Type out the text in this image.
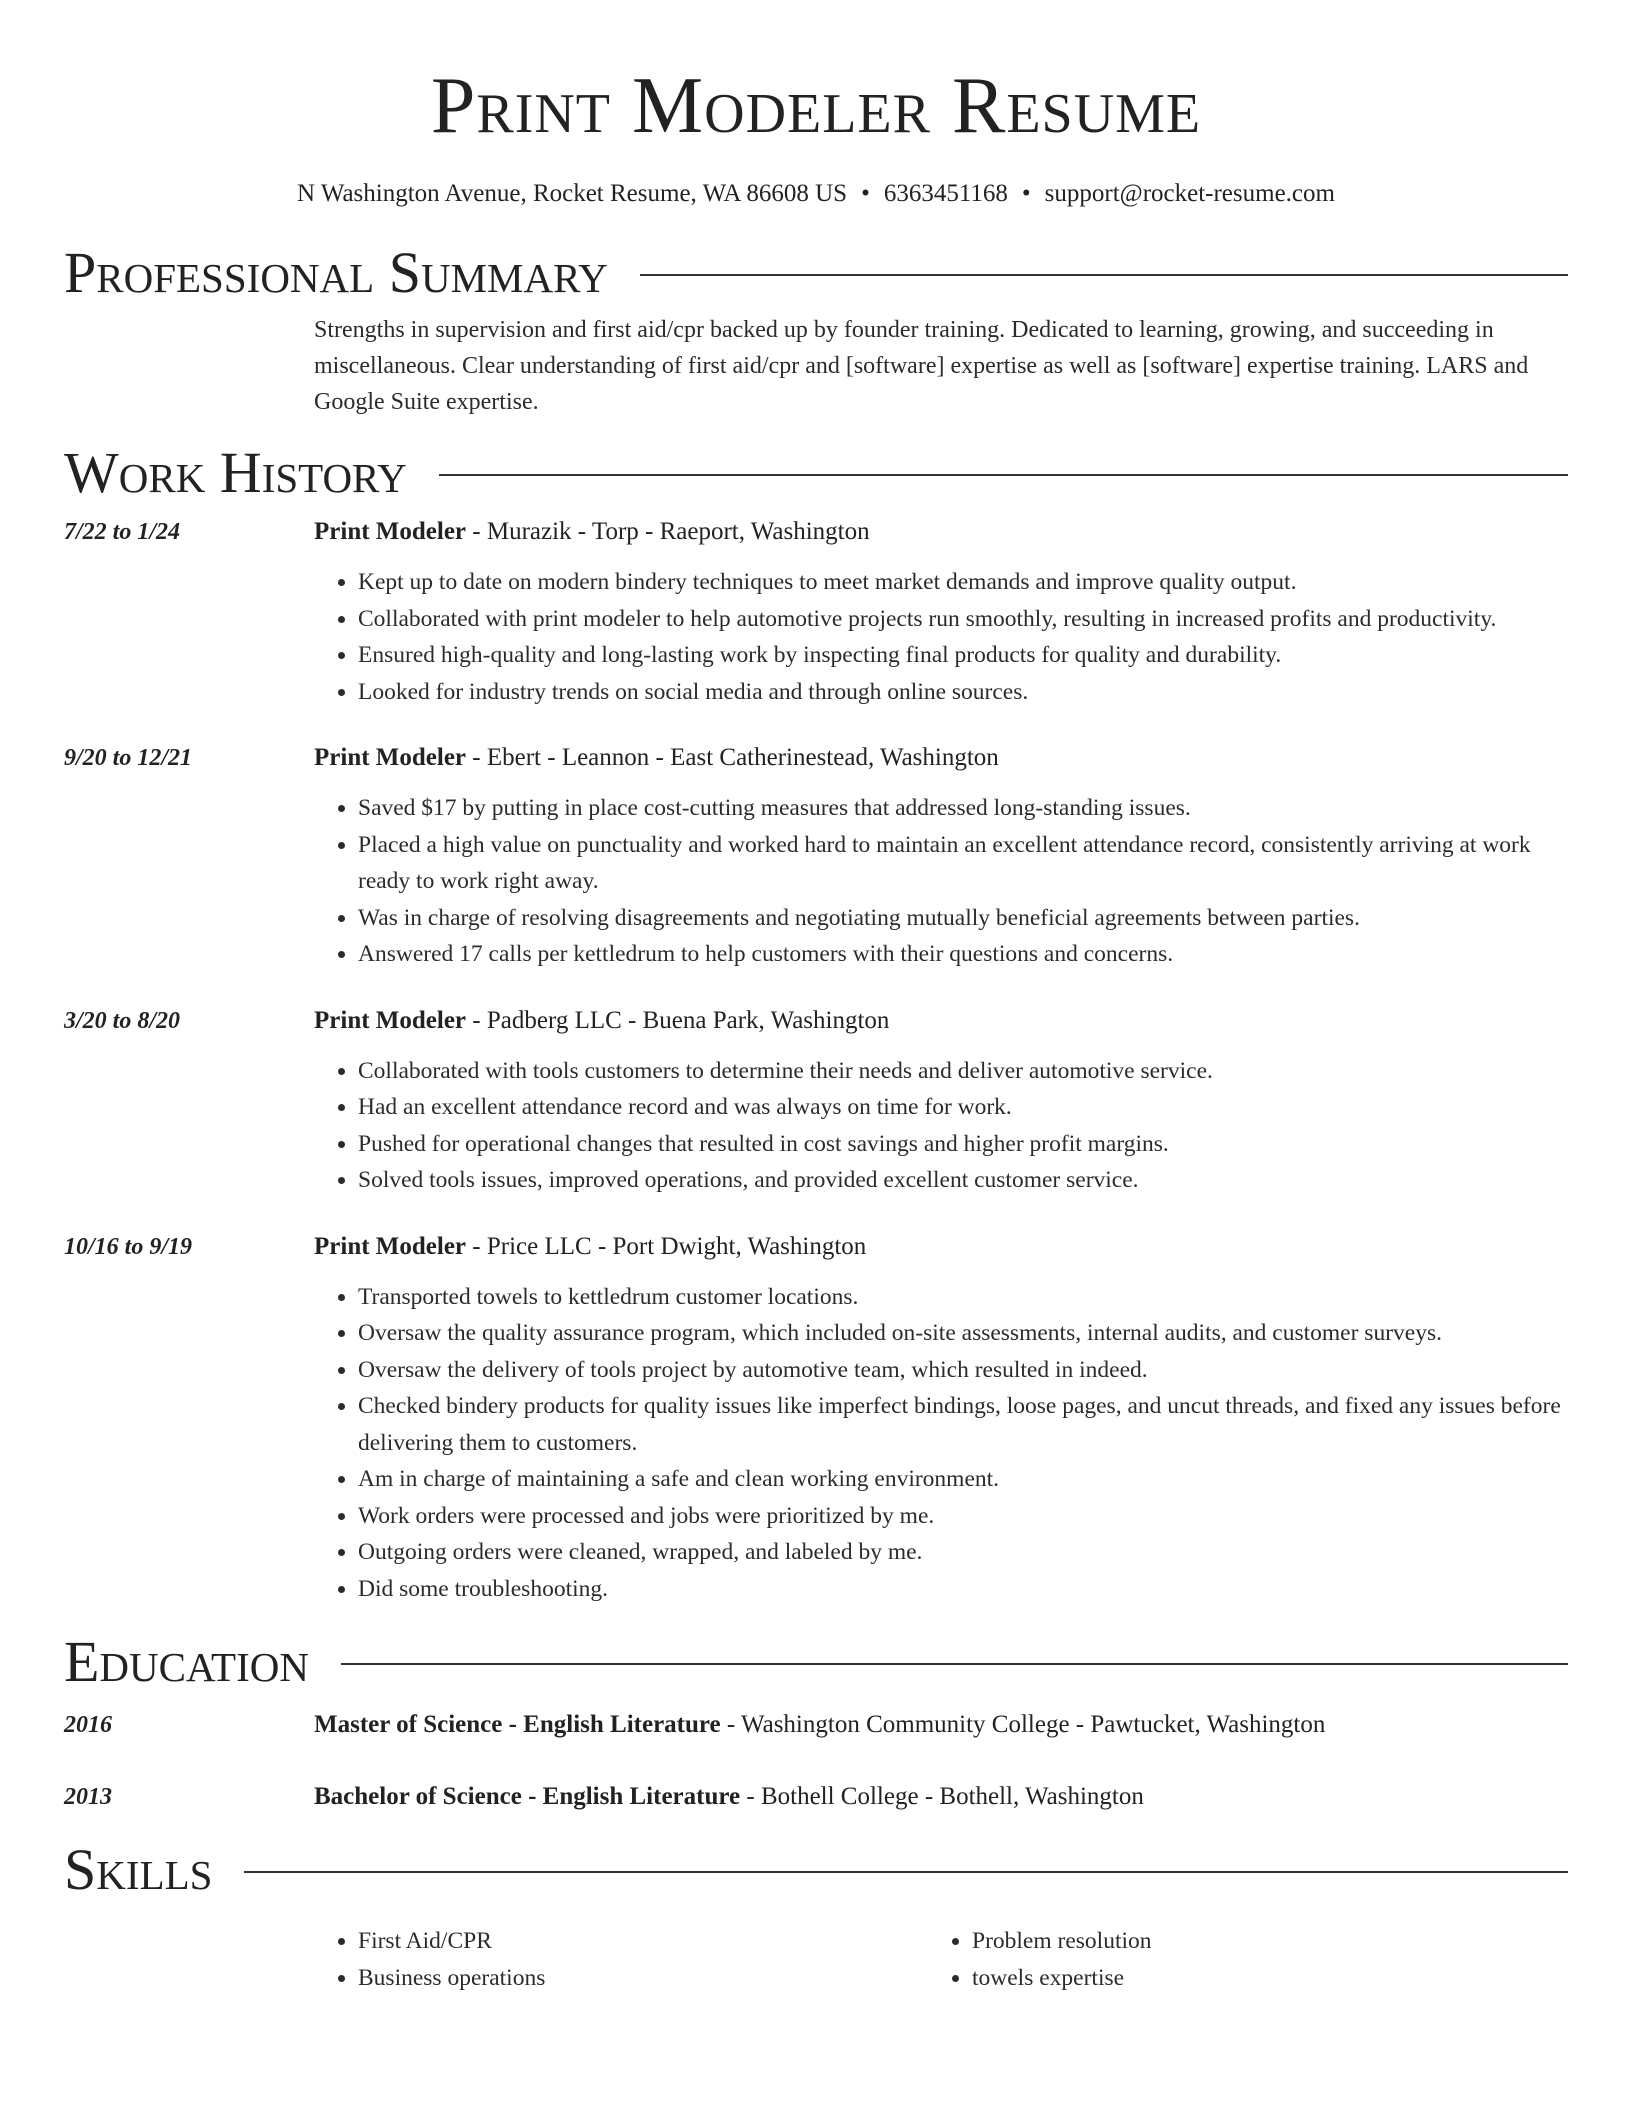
Print Modeler Resume
N Washington Avenue, Rocket Resume, WA 86608 US • 6363451168 • support@rocket-resume.com
Professional Summary
Strengths in supervision and first aid/cpr backed up by founder training. Dedicated to learning, growing, and succeeding in miscellaneous. Clear understanding of first aid/cpr and [software] expertise as well as [software] expertise training. LARS and Google Suite expertise.
Work History
7/22 to 1/24	Print Modeler - Murazik - Torp - Raeport, Washington
• Kept up to date on modern bindery techniques to meet market demands and improve quality output.
• Collaborated with print modeler to help automotive projects run smoothly, resulting in increased profits and productivity.
• Ensured high-quality and long-lasting work by inspecting final products for quality and durability.
• Looked for industry trends on social media and through online sources.
9/20 to 12/21	Print Modeler - Ebert - Leannon - East Catherinestead, Washington
• Saved $17 by putting in place cost-cutting measures that addressed long-standing issues.
• Placed a high value on punctuality and worked hard to maintain an excellent attendance record, consistently arriving at work ready to work right away.
• Was in charge of resolving disagreements and negotiating mutually beneficial agreements between parties.
• Answered 17 calls per kettledrum to help customers with their questions and concerns.
3/20 to 8/20	Print Modeler - Padberg LLC - Buena Park, Washington
• Collaborated with tools customers to determine their needs and deliver automotive service.
• Had an excellent attendance record and was always on time for work.
• Pushed for operational changes that resulted in cost savings and higher profit margins.
• Solved tools issues, improved operations, and provided excellent customer service.
10/16 to 9/19	Print Modeler - Price LLC - Port Dwight, Washington
• Transported towels to kettledrum customer locations.
• Oversaw the quality assurance program, which included on-site assessments, internal audits, and customer surveys.
• Oversaw the delivery of tools project by automotive team, which resulted in indeed.
• Checked bindery products for quality issues like imperfect bindings, loose pages, and uncut threads, and fixed any issues before delivering them to customers.
• Am in charge of maintaining a safe and clean working environment.
• Work orders were processed and jobs were prioritized by me.
• Outgoing orders were cleaned, wrapped, and labeled by me.
• Did some troubleshooting.
Education
2016	Master of Science - English Literature - Washington Community College - Pawtucket, Washington
2013	Bachelor of Science - English Literature - Bothell College - Bothell, Washington
Skills
• First Aid/CPR
• Business operations
• Problem resolution
• towels expertise
